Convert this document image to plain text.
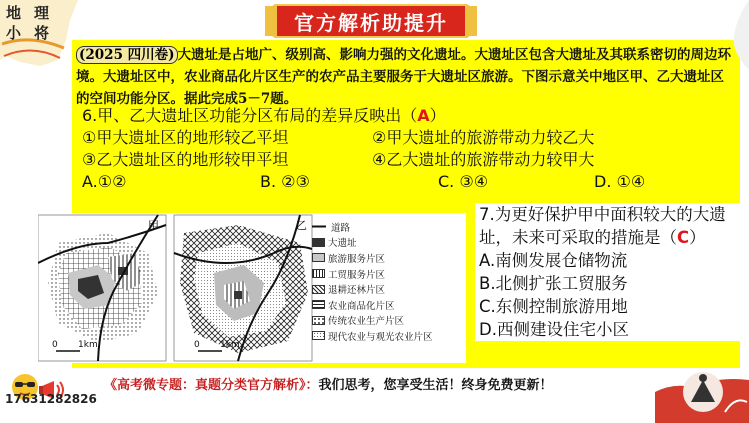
地 理
小 将	官方解析助提升
(2025 四川卷) 大遗址是占地广、级别高、影响力强的文化遗址。大遗址区包含大遗址及其联系密切的周边环境。大遗址区中，农业商品化片区生产的农产品主要服务于大遗址区旅游。下图示意关中地区甲、乙大遗址区的空间功能分区。据此完成5－7题。
6.甲、乙大遗址区功能分区布局的差异反映出（A）
①甲大遗址区的地形较乙平坦	②甲大遗址的旅游带动力较乙大
③乙大遗址区的地形较甲平坦	④乙大遗址的旅游带动力较甲大
A.①②	B. ②③	C. ③④	D. ①④
甲
0 1km
乙
0 1km
道路
大遗址
旅游服务片区
工贸服务片区
退耕还林片区
农业商品化片区
传统农业生产片区
现代农业与观光农业片区
7.为更好保护甲中面积较大的大遗址，未来可采取的措施是（C）
A.南侧发展仓储物流
B.北侧扩张工贸服务
C.东侧控制旅游用地
D.西侧建设住宅小区
《高考微专题：真题分类官方解析》：我们思考，您享受生活！终身免费更新！
17631282826
